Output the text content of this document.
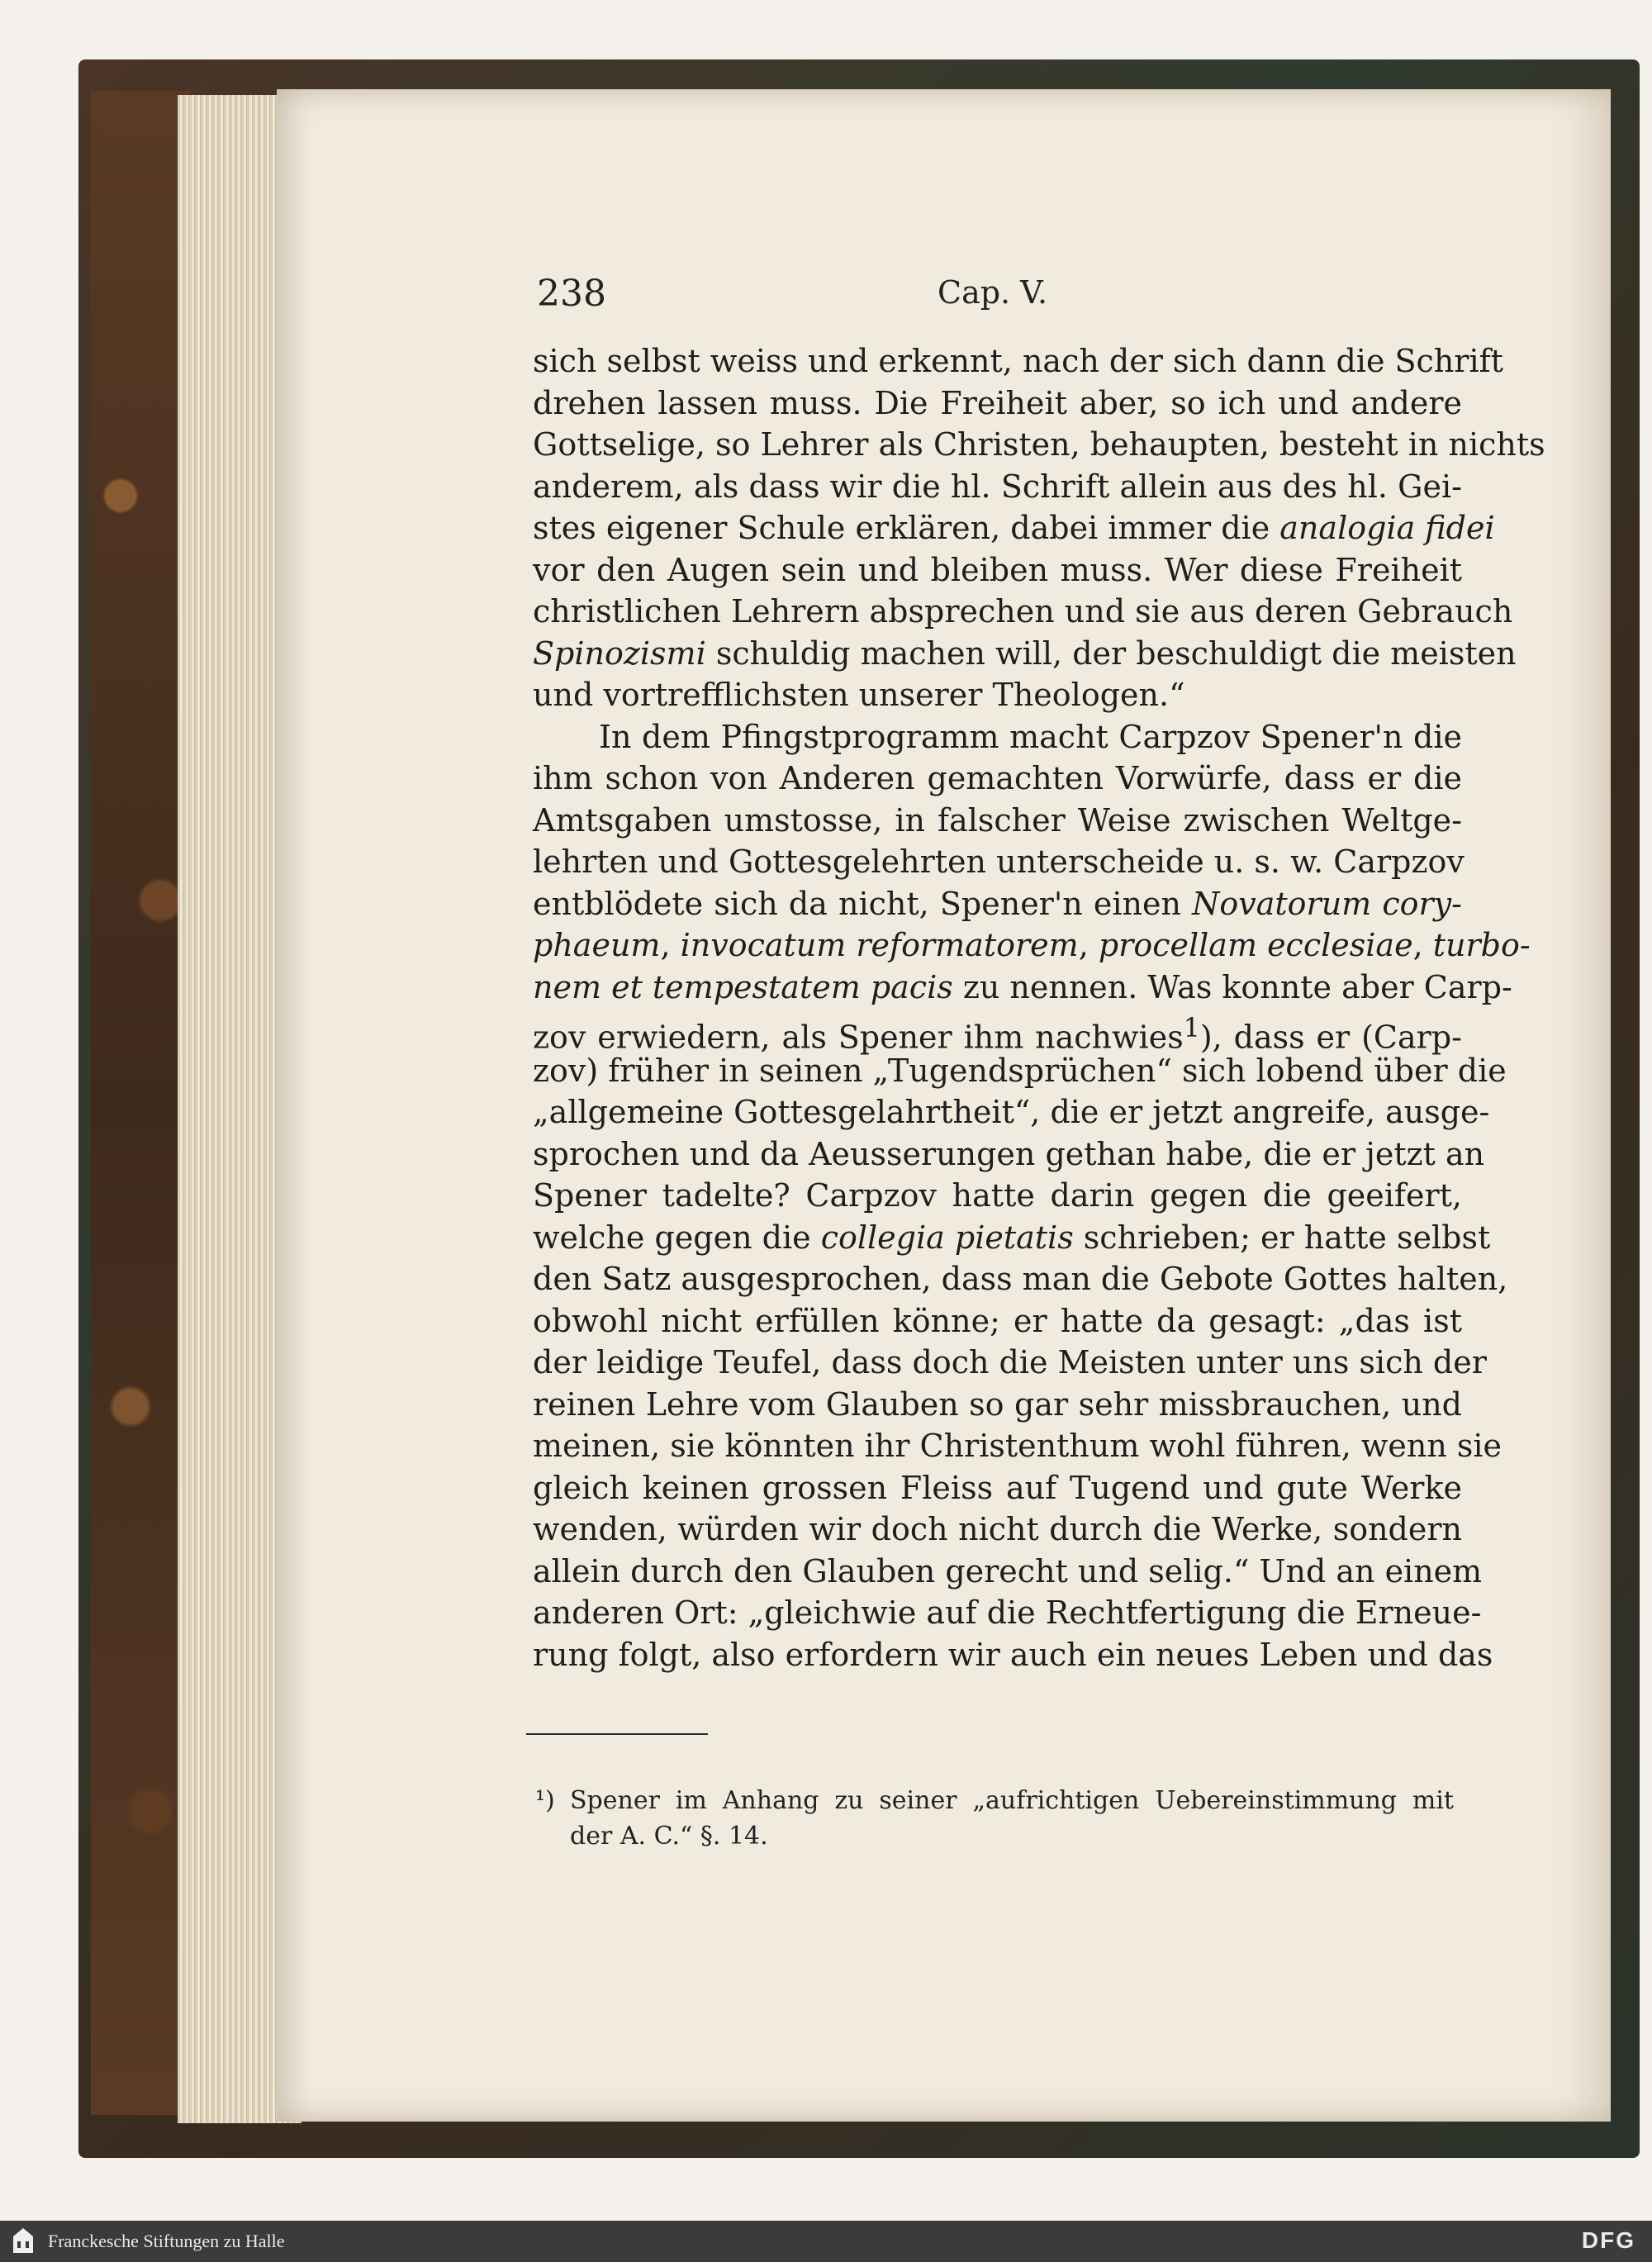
238	Cap. V.
sich selbst weiss und erkennt, nach der sich dann die Schrift
drehen lassen muss. Die Freiheit aber, so ich und andere
Gottselige, so Lehrer als Christen, behaupten, besteht in nichts
anderem, als dass wir die hl. Schrift allein aus des hl. Gei-
stes eigener Schule erklären, dabei immer die analogia fidei
vor den Augen sein und bleiben muss. Wer diese Freiheit
christlichen Lehrern absprechen und sie aus deren Gebrauch
Spinozismi schuldig machen will, der beschuldigt die meisten
und vortrefflichsten unserer Theologen.“
In dem Pfingstprogramm macht Carpzov Spener'n die
ihm schon von Anderen gemachten Vorwürfe, dass er die
Amtsgaben umstosse, in falscher Weise zwischen Weltge-
lehrten und Gottesgelehrten unterscheide u. s. w. Carpzov
entblödete sich da nicht, Spener'n einen Novatorum cory-
phaeum, invocatum reformatorem, procellam ecclesiae, turbo-
nem et tempestatem pacis zu nennen. Was konnte aber Carp-
zov erwiedern, als Spener ihm nachwies$^1$), dass er (Carp-
zov) früher in seinen „Tugendsprüchen“ sich lobend über die
„allgemeine Gottesgelahrtheit“, die er jetzt angreife, ausge-
sprochen und da Aeusserungen gethan habe, die er jetzt an
Spener tadelte? Carpzov hatte darin gegen die geeifert,
welche gegen die collegia pietatis schrieben; er hatte selbst
den Satz ausgesprochen, dass man die Gebote Gottes halten,
obwohl nicht erfüllen könne; er hatte da gesagt: „das ist
der leidige Teufel, dass doch die Meisten unter uns sich der
reinen Lehre vom Glauben so gar sehr missbrauchen, und
meinen, sie könnten ihr Christenthum wohl führen, wenn sie
gleich keinen grossen Fleiss auf Tugend und gute Werke
wenden, würden wir doch nicht durch die Werke, sondern
allein durch den Glauben gerecht und selig.“ Und an einem
anderen Ort: „gleichwie auf die Rechtfertigung die Erneue-
rung folgt, also erfordern wir auch ein neues Leben und das
¹) Spener im Anhang zu seiner „aufrichtigen Uebereinstimmung mit
der A. C.“ §. 14.
Franckesche Stiftungen zu Halle	DFG
